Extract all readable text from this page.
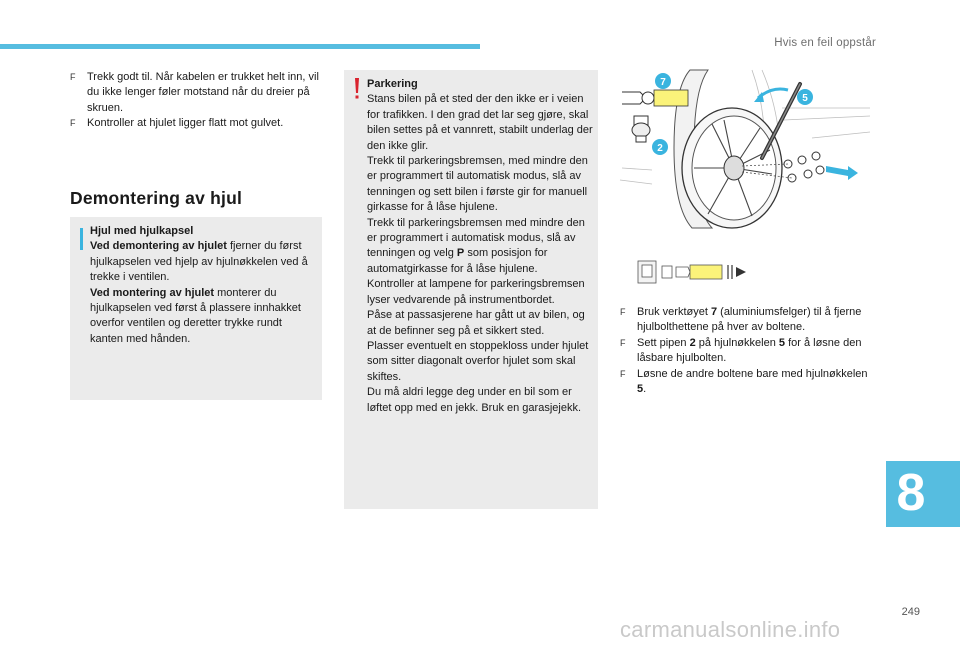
Hvis en feil oppstår
F Trekk godt til. Når kabelen er trukket helt inn, vil du ikke lenger føler motstand når du dreier på skruen.
F Kontroller at hjulet ligger flatt mot gulvet.
Demontering av hjul
Hjul med hjulkapsel
Ved demontering av hjulet fjerner du først hjulkapselen ved hjelp av hjulnøkkelen ved å trekke i ventilen.
Ved montering av hjulet monterer du hjulkapselen ved først å plassere innhakket overfor ventilen og deretter trykke rundt kanten med hånden.
Parkering
Stans bilen på et sted der den ikke er i veien for trafikken. I den grad det lar seg gjøre, skal bilen settes på et vannrett, stabilt underlag der den ikke glir.
Trekk til parkeringsbremsen, med mindre den er programmert til automatisk modus, slå av tenningen og sett bilen i første gir for manuell girkasse for å låse hjulene.
Trekk til parkeringsbremsen med mindre den er programmert i automatisk modus, slå av tenningen og velg P som posisjon for automatgirkasse for å låse hjulene.
Kontroller at lampene for parkeringsbremsen lyser vedvarende på instrumentbordet.
Påse at passasjerene har gått ut av bilen, og at de befinner seg på et sikkert sted.
Plasser eventuelt en stoppekloss under hjulet som sitter diagonalt overfor hjulet som skal skiftes.
Du må aldri legge deg under en bil som er løftet opp med en jekk. Bruk en garasjejekk.
7
5
2
F Bruk verktøyet 7 (aluminiumsfelger) til å fjerne hjulbolthettene på hver av boltene.
F Sett pipen 2 på hjulnøkkelen 5 for å løsne den låsbare hjulbolten.
F Løsne de andre boltene bare med hjulnøkkelen 5.
8
249
carmanualsonline.info
